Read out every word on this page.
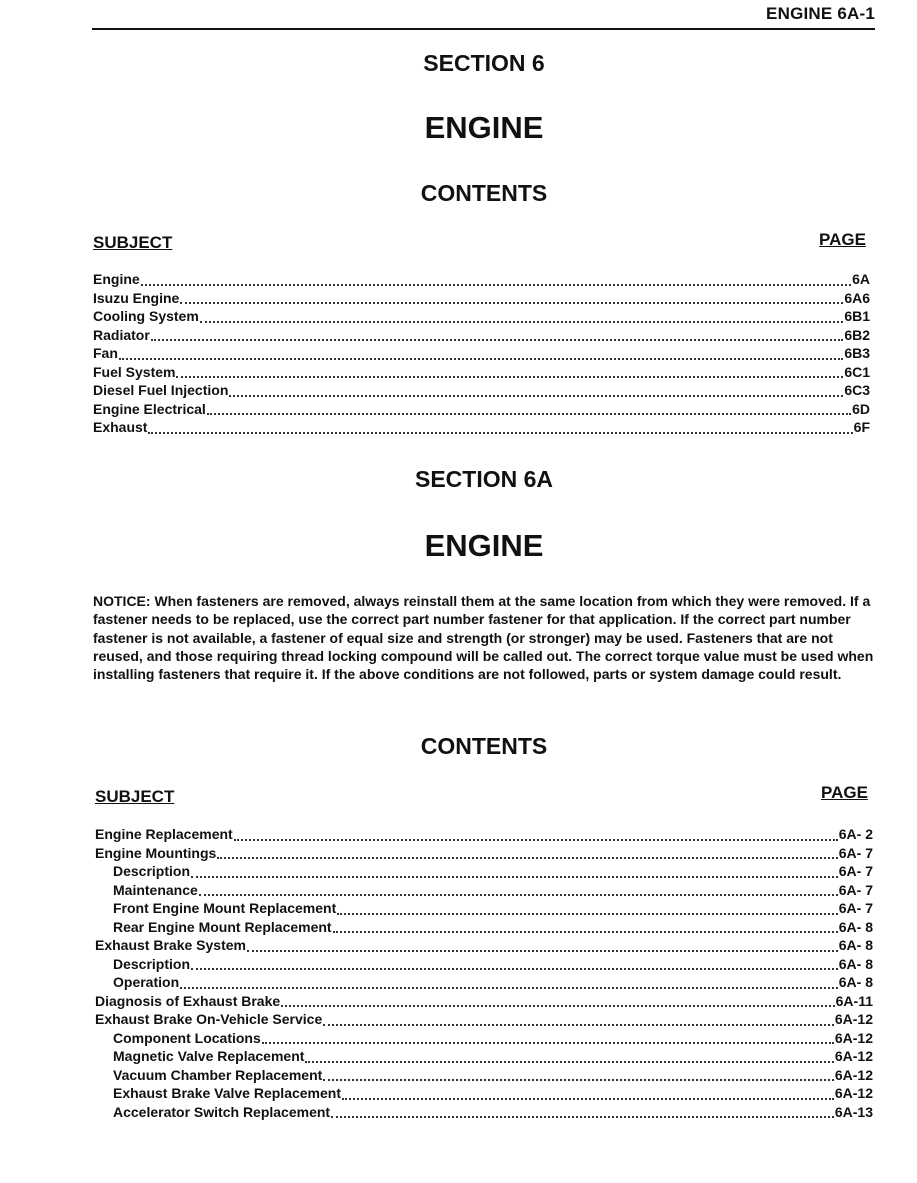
ENGINE 6A-1
SECTION 6
ENGINE
CONTENTS
SUBJECT	PAGE
Engine	6A
Isuzu Engine	6A6
Cooling System	6B1
Radiator	6B2
Fan	6B3
Fuel System	6C1
Diesel Fuel Injection	6C3
Engine Electrical	6D
Exhaust	6F
SECTION 6A
ENGINE
NOTICE: When fasteners are removed, always reinstall them at the same location from which they were removed. If a fastener needs to be replaced, use the correct part number fastener for that application. If the correct part number fastener is not available, a fastener of equal size and strength (or stronger) may be used. Fasteners that are not reused, and those requiring thread locking compound will be called out. The correct torque value must be used when installing fasteners that require it. If the above conditions are not followed, parts or system damage could result.
CONTENTS
SUBJECT	PAGE
Engine Replacement	6A- 2
Engine Mountings	6A- 7
Description	6A- 7
Maintenance	6A- 7
Front Engine Mount Replacement	6A- 7
Rear Engine Mount Replacement	6A- 8
Exhaust Brake System	6A- 8
Description	6A- 8
Operation	6A- 8
Diagnosis of Exhaust Brake	6A-11
Exhaust Brake On-Vehicle Service	6A-12
Component Locations	6A-12
Magnetic Valve Replacement	6A-12
Vacuum Chamber Replacement	6A-12
Exhaust Brake Valve Replacement	6A-12
Accelerator Switch Replacement	6A-13
